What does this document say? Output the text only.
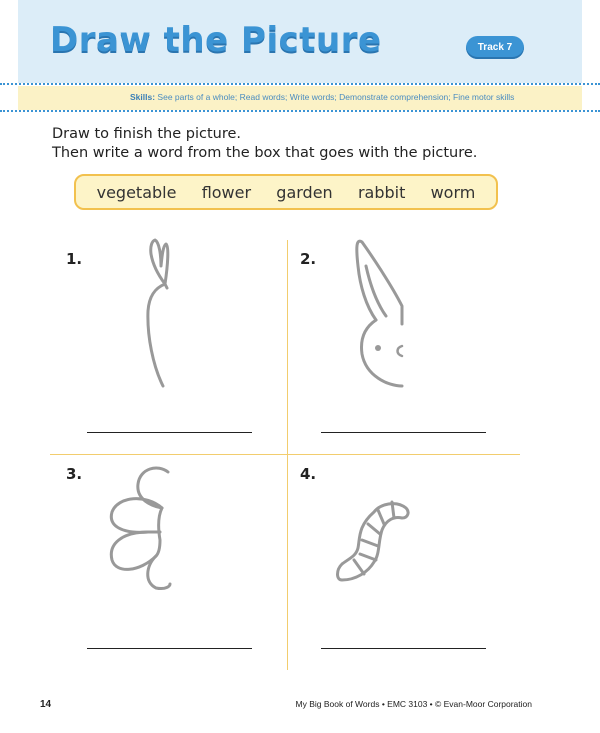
Draw the Picture	Track 7
Skills: See parts of a whole; Read words; Write words; Demonstrate comprehension; Fine motor skills
Draw to finish the picture.
Then write a word from the box that goes with the picture.
vegetable flower garden rabbit worm
1.	2.
3.	4.
14	My Big Book of Words • EMC 3103 • © Evan-Moor Corporation
